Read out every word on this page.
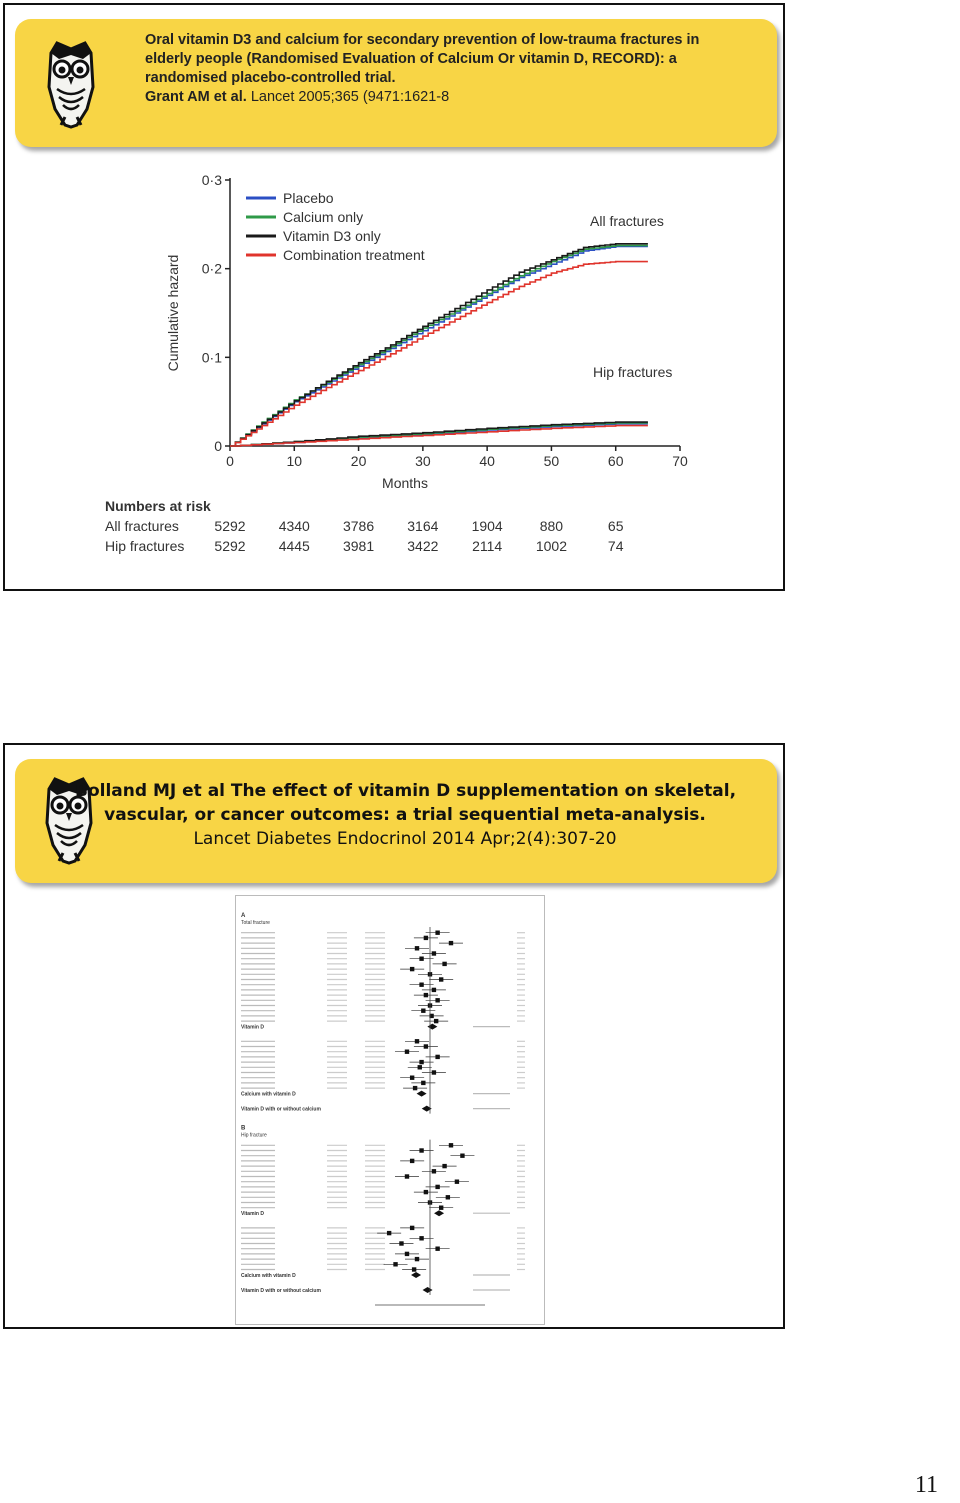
Oral vitamin D3 and calcium for secondary prevention of low-trauma fractures in
elderly people (Randomised Evaluation of Calcium Or vitamin D, RECORD): a
randomised placebo-controlled trial.
Grant AM et al. Lancet 2005;365 (9471:1621-8
0
0·1
0·2
0·3
0	10	20	30	40	50	60	70
Months
Cumulative hazard
All fractures
Hip fractures
Placebo
Calcium only
Vitamin D3 only
Combination treatment
Numbers at risk
All fractures	5292 4340 3786 3164 1904	880	65
Hip fractures 5292 4445 3981 3422 2114 1002	74
Bolland MJ et al The effect of vitamin D supplementation on skeletal,
vascular, or cancer outcomes: a trial sequential meta-analysis.
Lancet Diabetes Endocrinol 2014 Apr;2(4):307-20
A
Total fracture
Vitamin D
Calcium with vitamin D
Vitamin D with or without calcium
B
Hip fracture
Vitamin D
Calcium with vitamin D
Vitamin D with or without calcium
11
